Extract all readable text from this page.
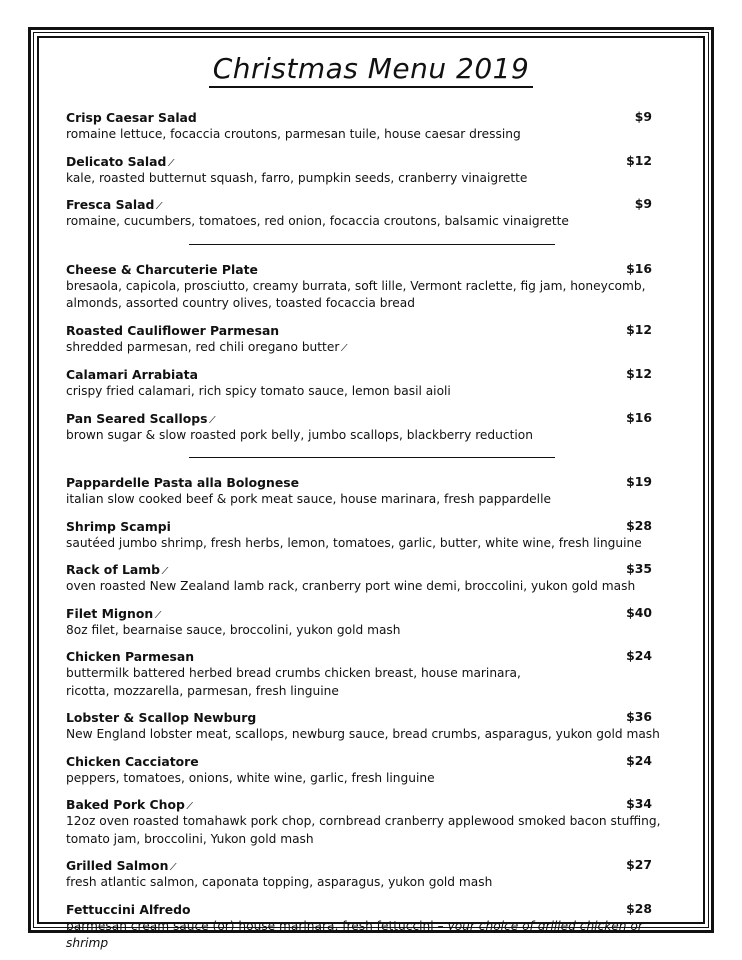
Christmas Menu 2019
Crisp Caesar Salad	$9
romaine lettuce, focaccia croutons, parmesan tuile, house caesar dressing
Delicato Salad ⁄	$12
kale, roasted butternut squash, farro, pumpkin seeds, cranberry vinaigrette
Fresca Salad ⁄	$9
romaine, cucumbers, tomatoes, red onion, focaccia croutons, balsamic vinaigrette
Cheese & Charcuterie Plate	$16
bresaola, capicola, prosciutto, creamy burrata, soft lille, Vermont raclette, fig jam, honeycomb,
almonds, assorted country olives, toasted focaccia bread
Roasted Cauliflower Parmesan	$12
shredded parmesan, red chili oregano butter ⁄
Calamari Arrabiata	$12
crispy fried calamari, rich spicy tomato sauce, lemon basil aioli
Pan Seared Scallops ⁄	$16
brown sugar & slow roasted pork belly, jumbo scallops, blackberry reduction
Pappardelle Pasta alla Bolognese	$19
italian slow cooked beef & pork meat sauce, house marinara, fresh pappardelle
Shrimp Scampi	$28
sautéed jumbo shrimp, fresh herbs, lemon, tomatoes, garlic, butter, white wine, fresh linguine
Rack of Lamb ⁄	$35
oven roasted New Zealand lamb rack, cranberry port wine demi, broccolini, yukon gold mash
Filet Mignon ⁄	$40
8oz filet, bearnaise sauce, broccolini, yukon gold mash
Chicken Parmesan	$24
buttermilk battered herbed bread crumbs chicken breast, house marinara,
ricotta, mozzarella, parmesan, fresh linguine
Lobster & Scallop Newburg	$36
New England lobster meat, scallops, newburg sauce, bread crumbs, asparagus, yukon gold mash
Chicken Cacciatore	$24
peppers, tomatoes, onions, white wine, garlic, fresh linguine
Baked Pork Chop ⁄	$34
12oz oven roasted tomahawk pork chop, cornbread cranberry applewood smoked bacon stuffing,
tomato jam, broccolini, Yukon gold mash
Grilled Salmon ⁄	$27
fresh atlantic salmon, caponata topping, asparagus, yukon gold mash
Fettuccini Alfredo	$28
parmesan cream sauce (or) house marinara, fresh fettuccini – your choice of grilled chicken or shrimp
